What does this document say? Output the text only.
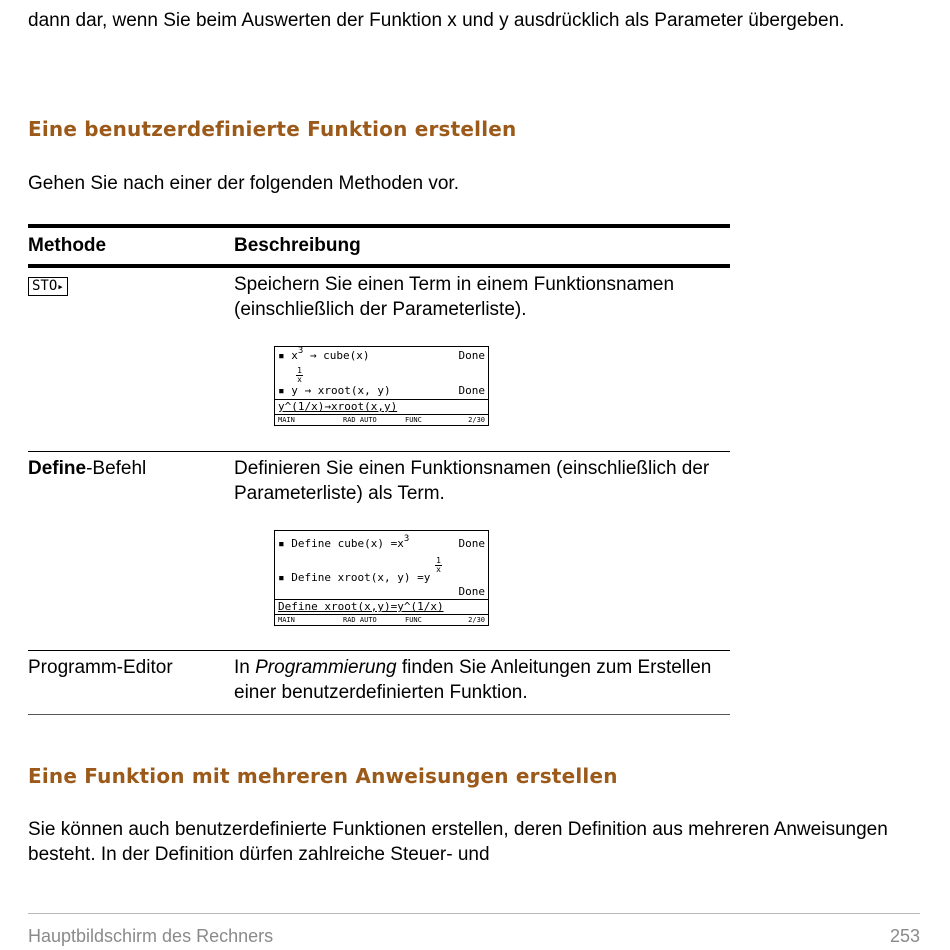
dann dar, wenn Sie beim Auswerten der Funktion x und y ausdrücklich als Parameter übergeben.

Eine benutzerdefinierte Funktion erstellen

Gehen Sie nach einer der folgenden Methoden vor.

Methode	Beschreibung
STO▸	Speichern Sie einen Term in einem Funktionsnamen (einschließlich der Parameterliste).
▪ $x^3$ → cube(x)	Done
1
x
▪ y → xroot(x, y)	Done
y^(1/x)→xroot(x,y)
MAIN	RAD AUTO	FUNC	2/30
Define-Befehl	Definieren Sie einen Funktionsnamen (einschließlich der Parameterliste) als Term.
▪ Define cube(x) $=x^3$	Done
1
x
▪ Define xroot(x, y) =y
Done
Define xroot(x,y)=y^(1/x)
MAIN	RAD AUTO	FUNC	2/30
Programm-Editor	In Programmierung finden Sie Anleitungen zum Erstellen einer benutzerdefinierten Funktion.
Eine Funktion mit mehreren Anweisungen erstellen

Sie können auch benutzerdefinierte Funktionen erstellen, deren Definition aus mehreren Anweisungen besteht. In der Definition dürfen zahlreiche Steuer- und

Hauptbildschirm des Rechners	253
